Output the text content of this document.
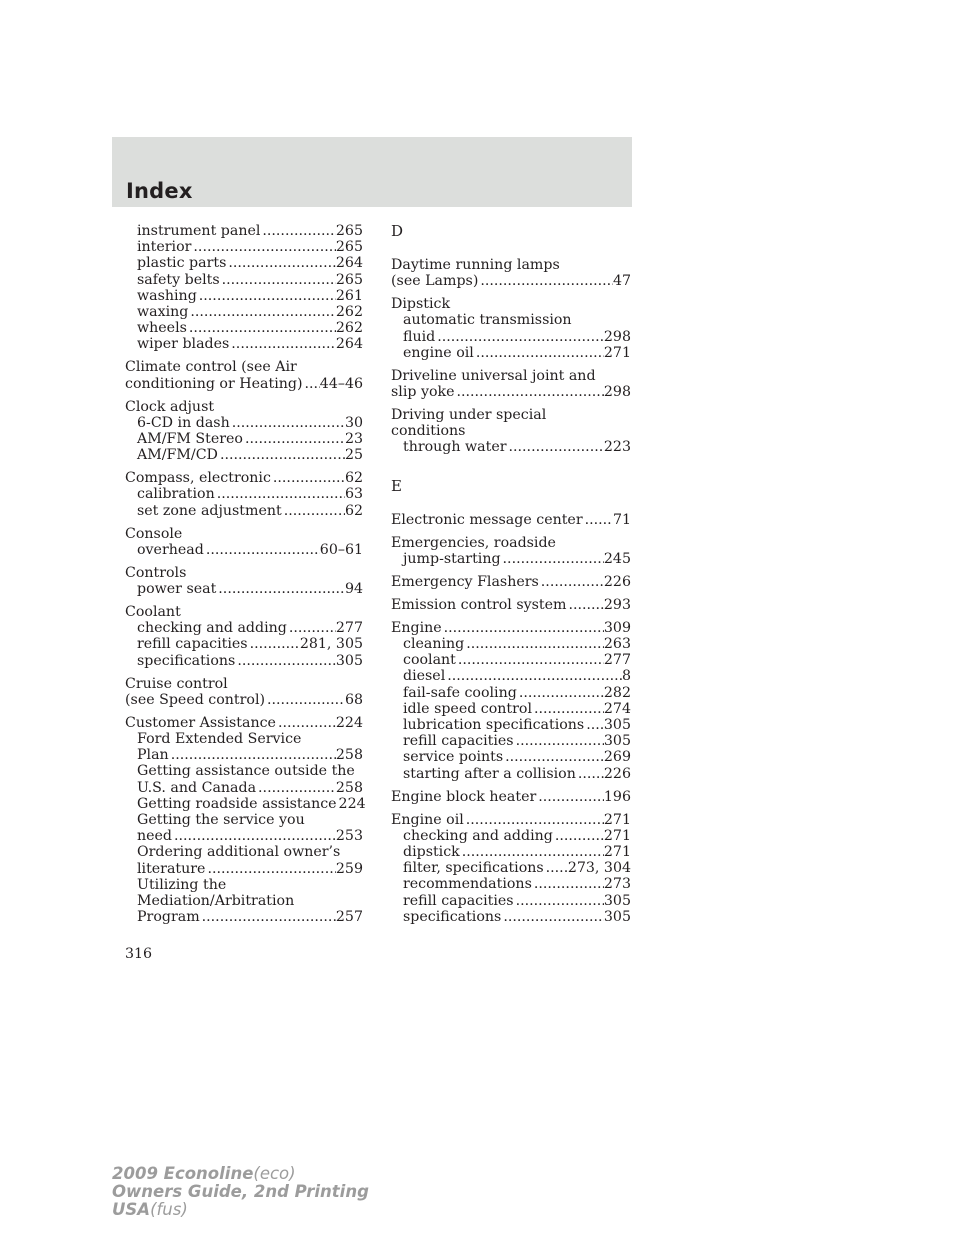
Index
instrument panel .....	265
interior .....	265
plastic parts .....	264
safety belts .....	265
washing .....	261
waxing .....	262
wheels .....	262
wiper blades .....	264
Climate control (see Air
conditioning or Heating) ..... 44–46
Clock adjust
6-CD in dash .....	30
AM/FM Stereo .....	23
AM/FM/CD .....	25
Compass, electronic .....	62
calibration .....	63
set zone adjustment .....	62
Console
overhead .....	60–61
Controls
power seat .....	94
Coolant
checking and adding .....	277
refill capacities .....	281, 305
specifications .....	305
Cruise control
(see Speed control) .....	68
Customer Assistance .....	224
Ford Extended Service
Plan .....	258
Getting assistance outside the
U.S. and Canada .....	258
Getting roadside assistance 224
Getting the service you
need .....	253
Ordering additional owner’s
literature .....	259
Utilizing the
Mediation/Arbitration
Program .....	257
D
Daytime running lamps
(see Lamps) .....	47
Dipstick
automatic transmission
fluid .....	298
engine oil .....	271
Driveline universal joint and
slip yoke .....	298
Driving under special
conditions
through water .....	223
E
Electronic message center ..... 71
Emergencies, roadside
jump-starting .....	245
Emergency Flashers .....	226
Emission control system .....	293
Engine .....	309
cleaning .....	263
coolant .....	277
diesel .....	8
fail-safe cooling .....	282
idle speed control .....	274
lubrication specifications ..... 305
refill capacities .....	305
service points .....	269
starting after a collision ..... 226
Engine block heater .....	196
Engine oil .....	271
checking and adding .....	271
dipstick .....	271
filter, specifications ..... 273, 304
recommendations .....	273
refill capacities .....	305
specifications .....	305
316
2009 Econoline(eco)
Owners Guide, 2nd Printing
USA(fus)
